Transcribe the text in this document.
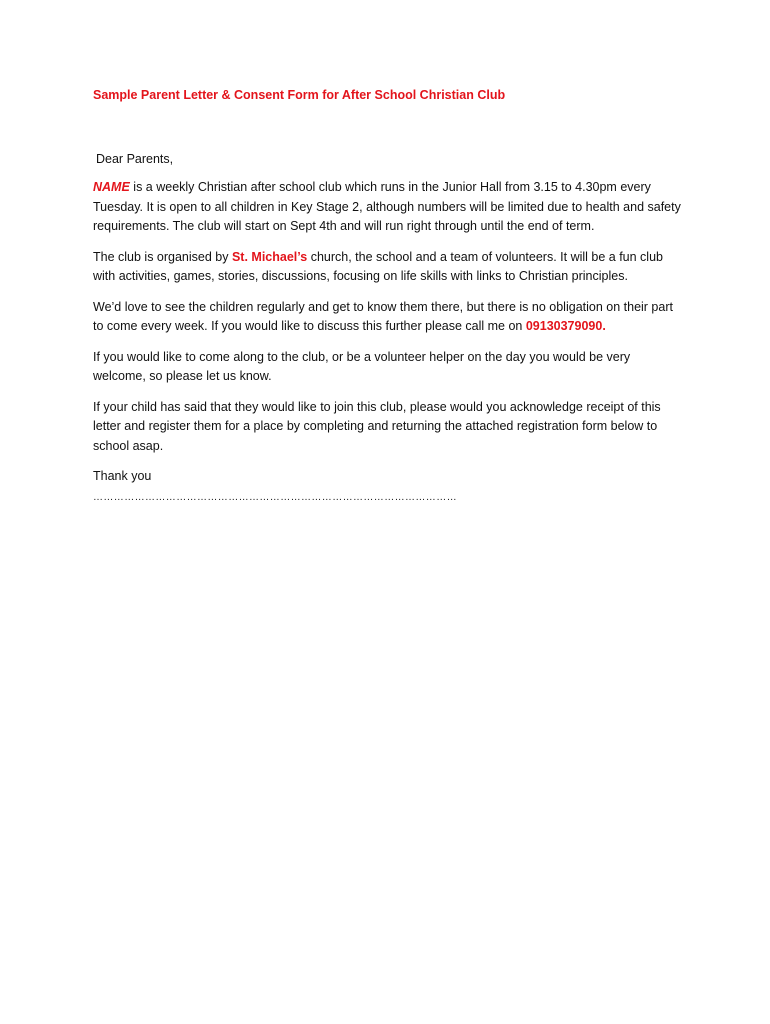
Sample Parent Letter & Consent Form for After School Christian Club

Dear Parents,

NAME is a weekly Christian after school club which runs in the Junior Hall from 3.15 to 4.30pm every Tuesday. It is open to all children in Key Stage 2, although numbers will be limited due to health and safety requirements. The club will start on Sept 4th and will run right through until the end of term.

The club is organised by St. Michael’s church, the school and a team of volunteers. It will be a fun club with activities, games, stories, discussions, focusing on life skills with links to Christian principles.

We’d love to see the children regularly and get to know them there, but there is no obligation on their part to come every week. If you would like to discuss this further please call me on 09130379090.

If you would like to come along to the club, or be a volunteer helper on the day you would be very welcome, so please let us know.

If your child has said that they would like to join this club, please would you acknowledge receipt of this letter and register them for a place by completing and returning the attached registration form below to school asap.

Thank you

……………………………………………………………………………………………
